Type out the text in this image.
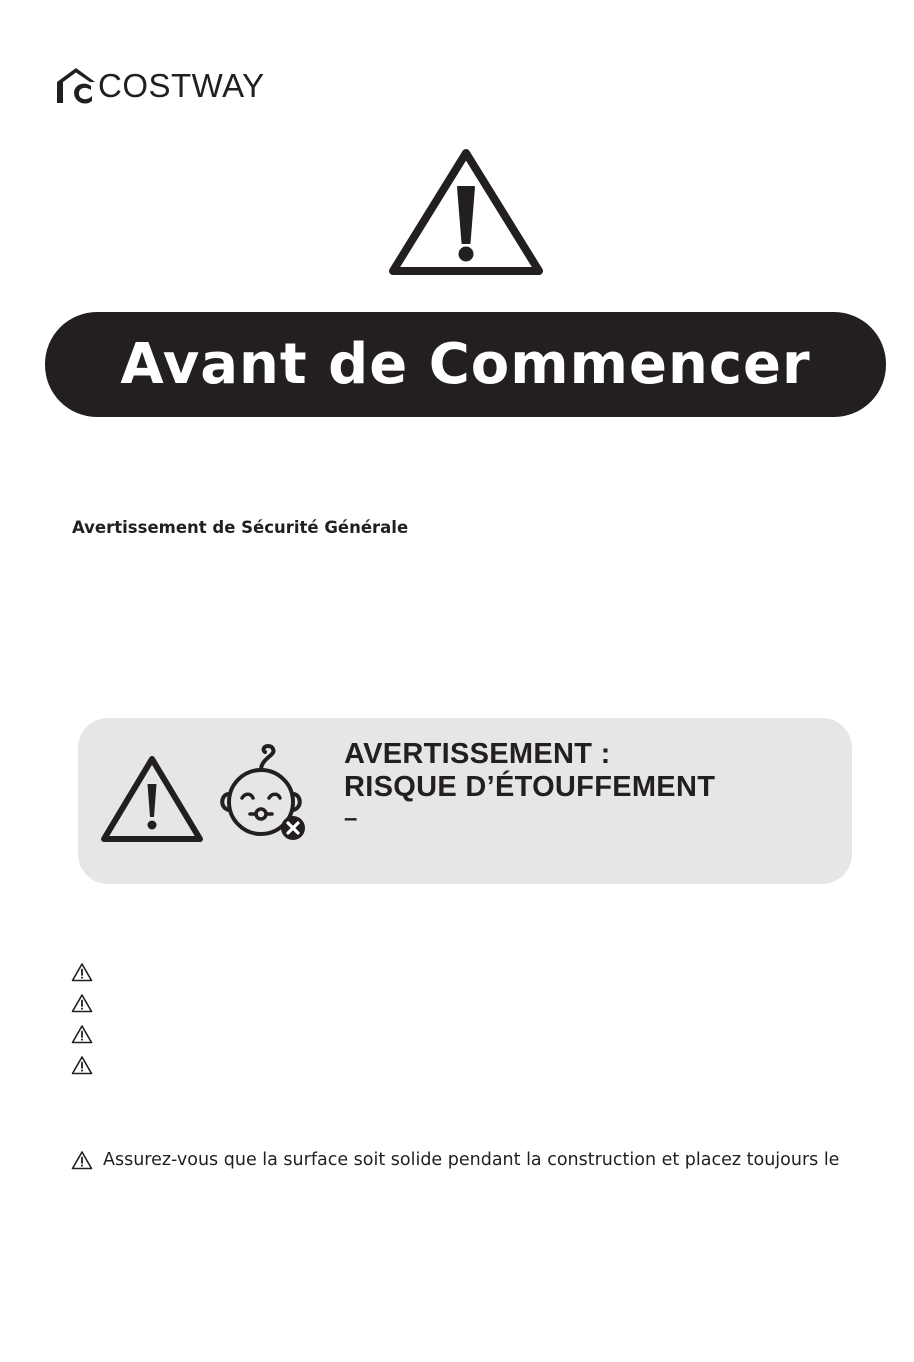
COSTWAY
Avant de Commencer
Avertissement de Sécurité Générale
AVERTISSEMENT :
RISQUE D’ÉTOUFFEMENT
–
Assurez-vous que la surface soit solide pendant la construction et placez toujours le
